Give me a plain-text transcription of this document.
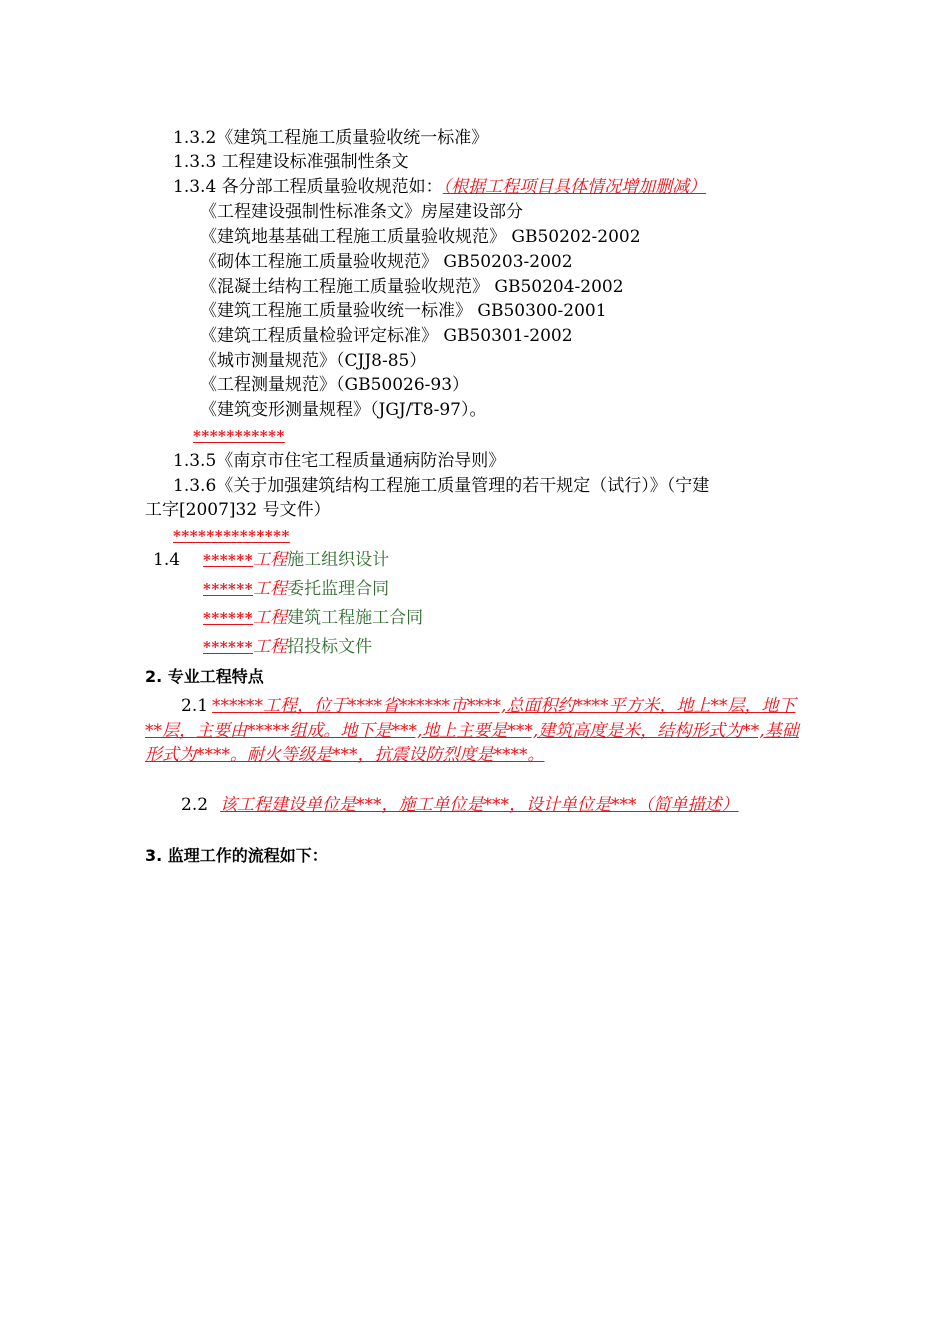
1.3.2《建筑工程施工质量验收统一标准》
1.3.3 工程建设标准强制性条文
1.3.4 各分部工程质量验收规范如：（根据工程项目具体情况增加删减）
《工程建设强制性标准条文》房屋建设部分
《建筑地基基础工程施工质量验收规范》 GB50202-2002
《砌体工程施工质量验收规范》 GB50203-2002
《混凝土结构工程施工质量验收规范》 GB50204-2002
《建筑工程施工质量验收统一标准》 GB50300-2001
《建筑工程质量检验评定标准》 GB50301-2002
《城市测量规范》（CJJ8-85）
《工程测量规范》（GB50026-93）
《建筑变形测量规程》（JGJ/T8-97）。
***********
1.3.5《南京市住宅工程质量通病防治导则》
1.3.6《关于加强建筑结构工程施工质量管理的若干规定（试行）》（宁建
工字[2007]32 号文件）
**************
1.4 ******工程施工组织设计
******工程委托监理合同
******工程建筑工程施工合同
******工程招投标文件
2. 专业工程特点
2.1 ******工程，位于****省******市****,总面积约****平方米，地上**层，地下**层，主要由*****组成。地下是***,地上主要是***,建筑高度是米，结构形式为**,基础形式为****。耐火等级是***，抗震设防烈度是****。
2.2 该工程建设单位是***，施工单位是***，设计单位是***（简单描述）
3. 监理工作的流程如下：
